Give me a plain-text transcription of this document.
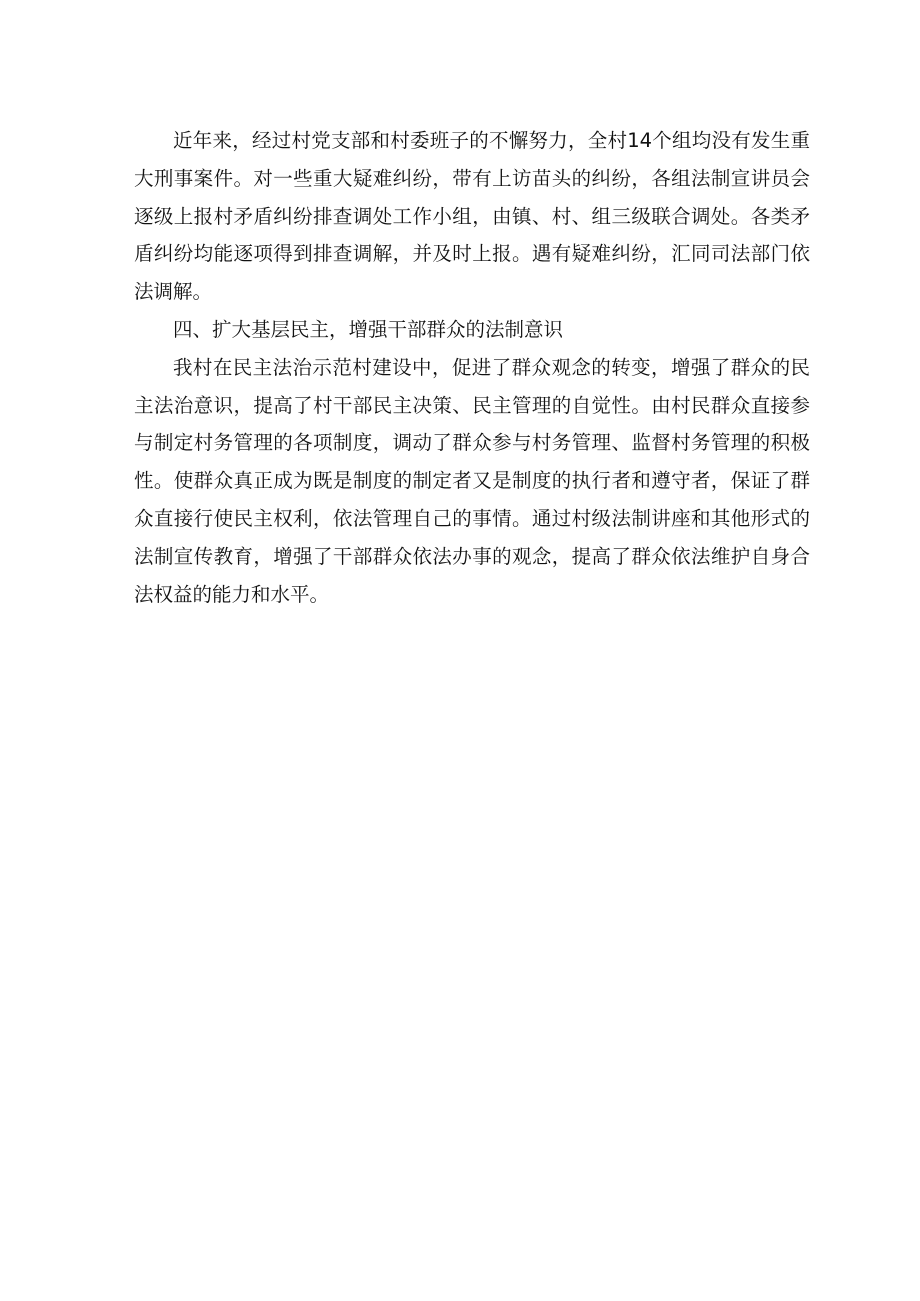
近年来，经过村党支部和村委班子的不懈努力，全村14个组均没有发生重大刑事案件。对一些重大疑难纠纷，带有上访苗头的纠纷，各组法制宣讲员会逐级上报村矛盾纠纷排查调处工作小组，由镇、村、组三级联合调处。各类矛盾纠纷均能逐项得到排查调解，并及时上报。遇有疑难纠纷，汇同司法部门依法调解。

四、扩大基层民主，增强干部群众的法制意识

我村在民主法治示范村建设中，促进了群众观念的转变，增强了群众的民主法治意识，提高了村干部民主决策、民主管理的自觉性。由村民群众直接参与制定村务管理的各项制度，调动了群众参与村务管理、监督村务管理的积极性。使群众真正成为既是制度的制定者又是制度的执行者和遵守者，保证了群众直接行使民主权利，依法管理自己的事情。通过村级法制讲座和其他形式的法制宣传教育，增强了干部群众依法办事的观念，提高了群众依法维护自身合法权益的能力和水平。
